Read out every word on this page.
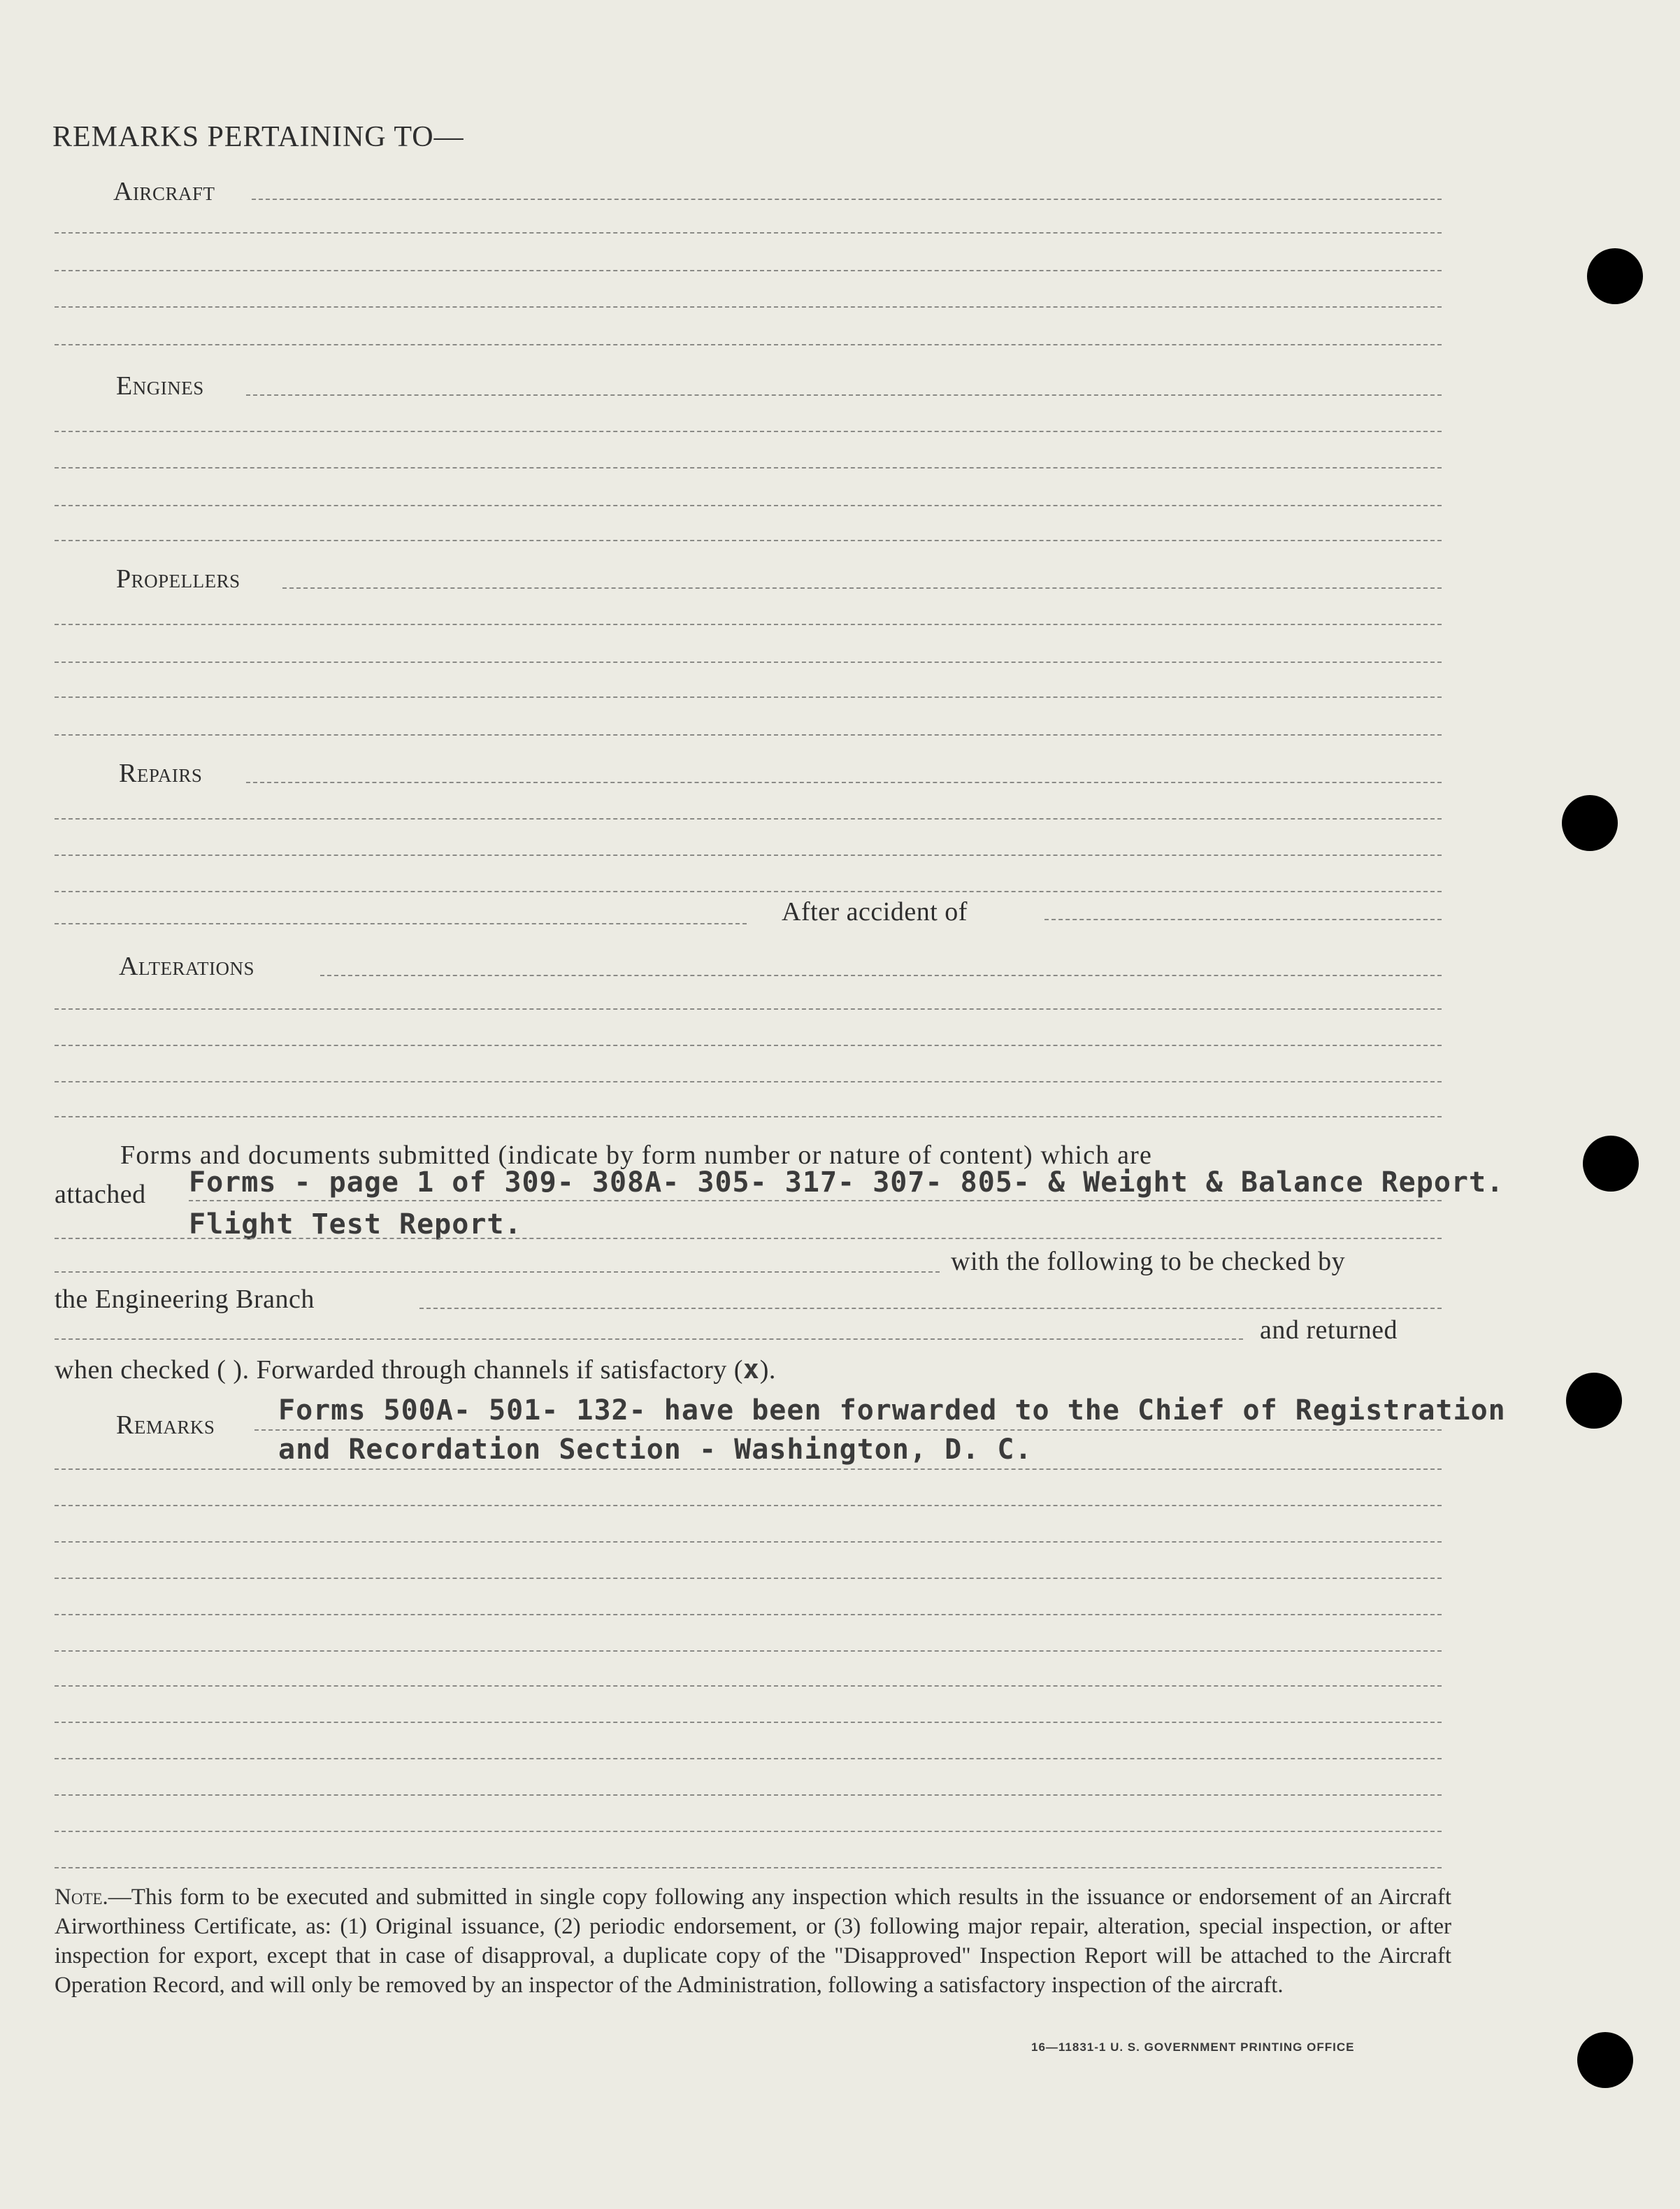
REMARKS PERTAINING TO—
Aircraft
Engines
Propellers
Repairs
After accident of
Alterations
Forms and documents submitted (indicate by form number or nature of content) which are
attached Forms - page 1 of 309- 308A- 305- 317- 307- 805- & Weight & Balance Report.
Flight Test Report.
with the following to be checked by
the Engineering Branch
and returned
when checked ( ). Forwarded through channels if satisfactory (x).
Remarks Forms 500A- 501- 132- have been forwarded to the Chief of Registration
and Recordation Section - Washington, D. C.
Note.—This form to be executed and submitted in single copy following any inspection which results in the issuance or endorsement of an Aircraft Airworthiness Certificate, as: (1) Original issuance, (2) periodic endorsement, or (3) following major repair, alteration, special inspection, or after inspection for export, except that in case of disapproval, a duplicate copy of the "Disapproved" Inspection Report will be attached to the Aircraft Operation Record, and will only be removed by an inspector of the Administration, following a satisfactory inspection of the aircraft.
16—11831-1 U. S. GOVERNMENT PRINTING OFFICE
